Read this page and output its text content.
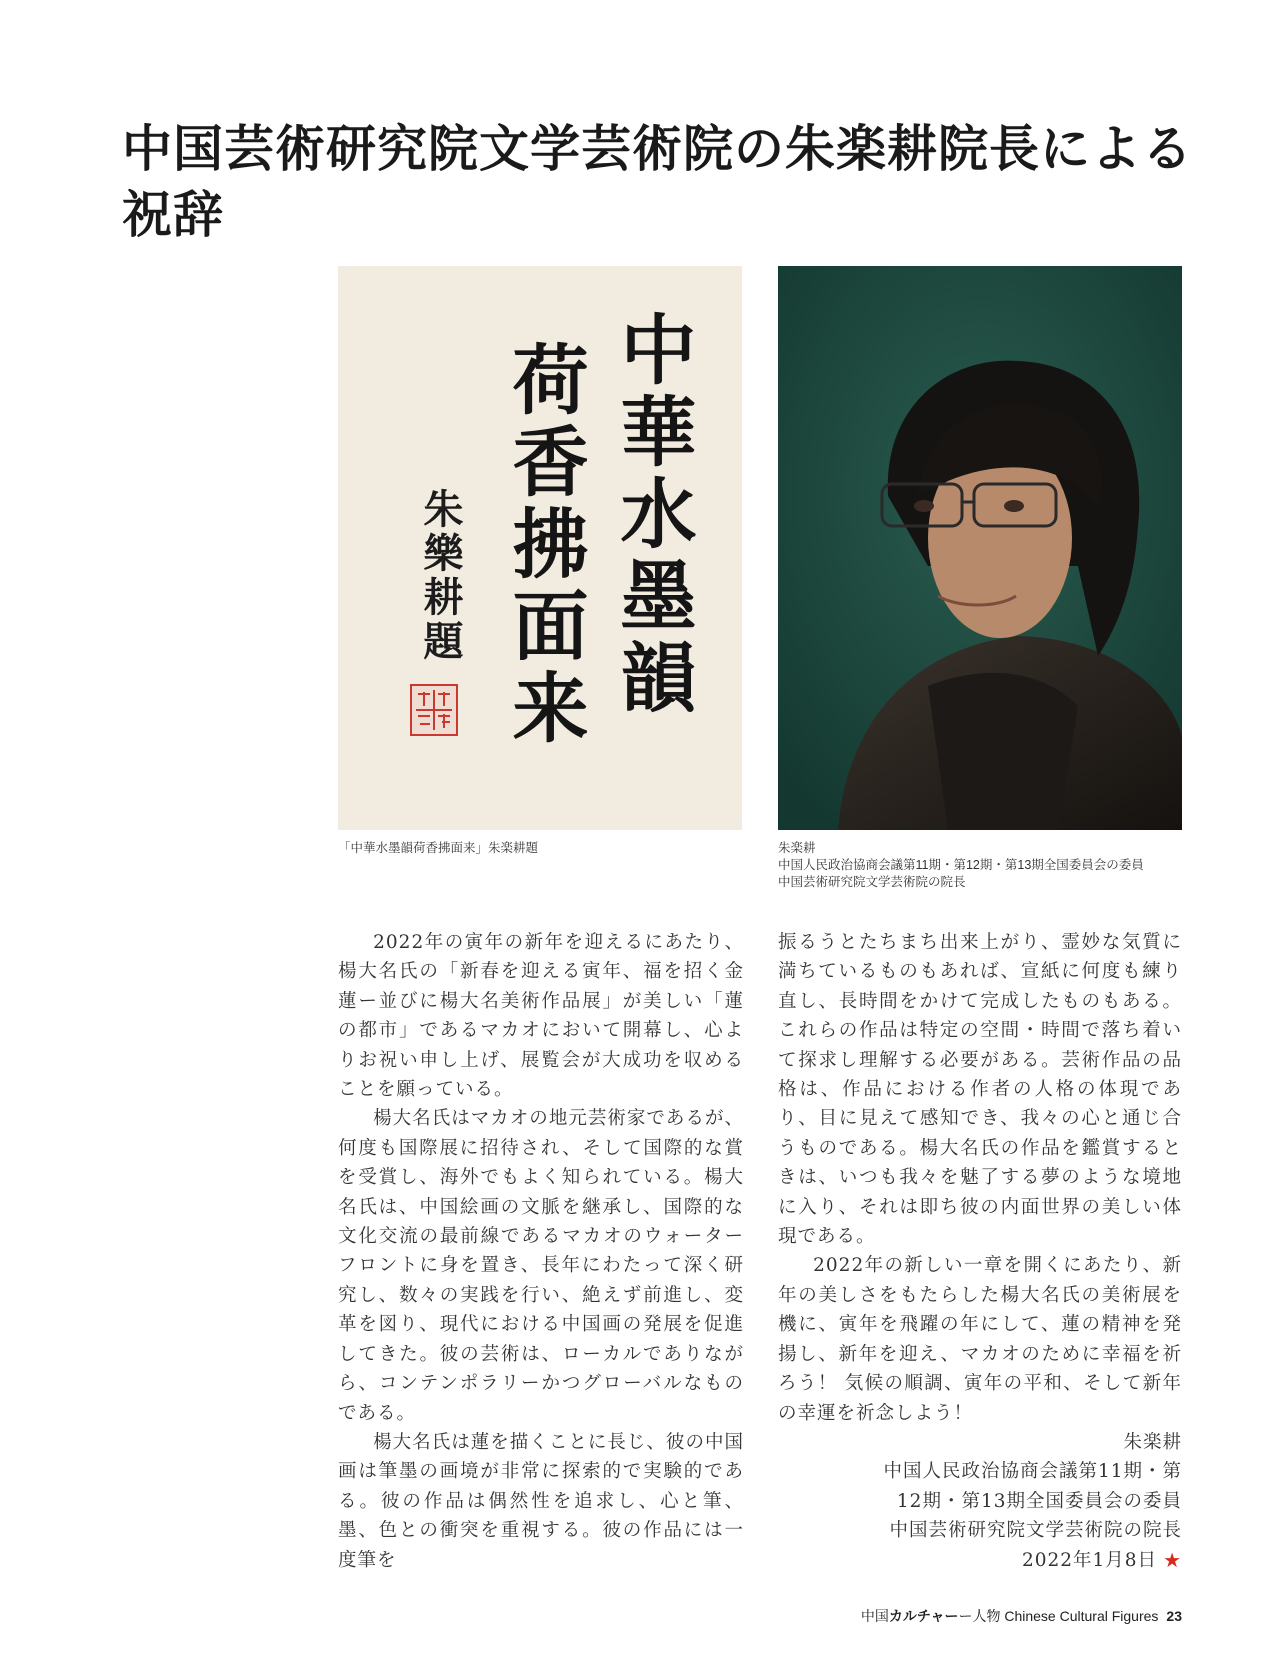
中国芸術研究院文学芸術院の朱楽耕院長による祝辞
中華水墨韻
荷香拂面来
朱樂耕題
「中華水墨韻荷香拂面来」朱楽耕題	朱楽耕
中国人民政治協商会議第11期・第12期・第13期全国委員会の委員
中国芸術研究院文学芸術院の院長

2022年の寅年の新年を迎えるにあたり、楊大名氏の「新春を迎える寅年、福を招く金蓮ー並びに楊大名美術作品展」が美しい「蓮の都市」であるマカオにおいて開幕し、心よりお祝い申し上げ、展覧会が大成功を収めることを願っている。

楊大名氏はマカオの地元芸術家であるが、何度も国際展に招待され、そして国際的な賞を受賞し、海外でもよく知られている。楊大名氏は、中国絵画の文脈を継承し、国際的な文化交流の最前線であるマカオのウォーターフロントに身を置き、長年にわたって深く研究し、数々の実践を行い、絶えず前進し、変革を図り、現代における中国画の発展を促進してきた。彼の芸術は、ローカルでありながら、コンテンポラリーかつグローバルなものである。

楊大名氏は蓮を描くことに長じ、彼の中国画は筆墨の画境が非常に探索的で実験的である。彼の作品は偶然性を追求し、心と筆、墨、色との衝突を重視する。彼の作品には一度筆を

振るうとたちまち出来上がり、霊妙な気質に満ちているものもあれば、宣紙に何度も練り直し、長時間をかけて完成したものもある。これらの作品は特定の空間・時間で落ち着いて探求し理解する必要がある。芸術作品の品格は、作品における作者の人格の体現であり、目に見えて感知でき、我々の心と通じ合うものである。楊大名氏の作品を鑑賞するときは、いつも我々を魅了する夢のような境地に入り、それは即ち彼の内面世界の美しい体現である。

2022年の新しい一章を開くにあたり、新年の美しさをもたらした楊大名氏の美術展を機に、寅年を飛躍の年にして、蓮の精神を発揚し、新年を迎え、マカオのために幸福を祈ろう！ 気候の順調、寅年の平和、そして新年の幸運を祈念しよう！

朱楽耕
中国人民政治協商会議第11期・第
12期・第13期全国委員会の委員
中国芸術研究院文学芸術院の院長
2022年1月8日 ★
中国カルチャーー人物 Chinese Cultural Figures 23
